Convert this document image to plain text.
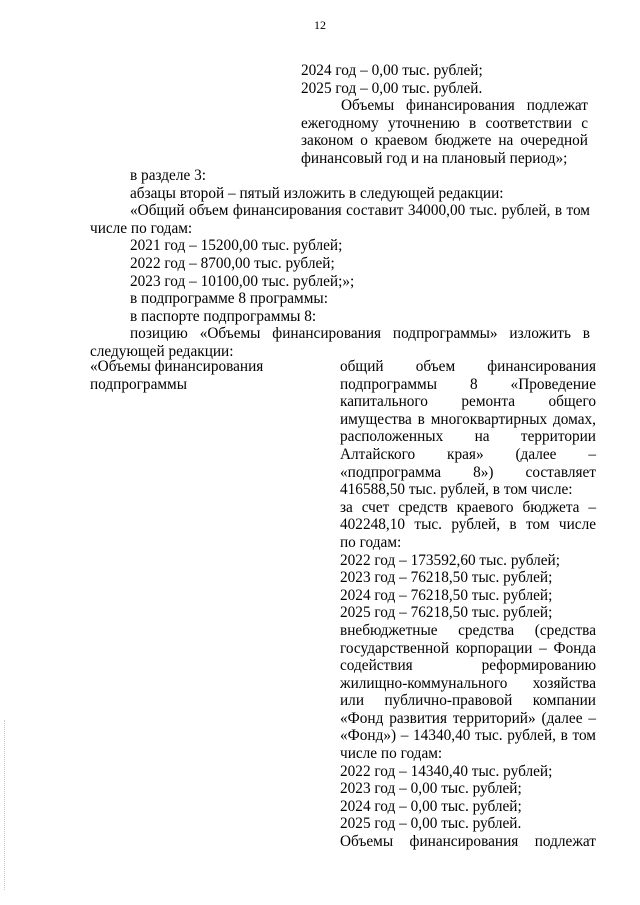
12
2024 год – 0,00 тыс. рублей;
2025 год – 0,00 тыс. рублей.
Объемы финансирования подлежат
ежегодному уточнению в соответствии с
законом о краевом бюджете на очередной
финансовый год и на плановый период»;
в разделе 3:
абзацы второй – пятый изложить в следующей редакции:
«Общий объем финансирования составит 34000,00 тыс. рублей, в том
числе по годам:
2021 год – 15200,00 тыс. рублей;
2022 год – 8700,00 тыс. рублей;
2023 год – 10100,00 тыс. рублей;»;
в подпрограмме 8 программы:
в паспорте подпрограммы 8:
позицию «Объемы финансирования подпрограммы» изложить в
следующей редакции:
«Объемы финансирования
подпрограммы
общий объем финансирования
подпрограммы 8 «Проведение
капитального ремонта общего
имущества в многоквартирных домах,
расположенных на территории
Алтайского края» (далее –
«подпрограмма 8») составляет
416588,50 тыс. рублей, в том числе:
за счет средств краевого бюджета –
402248,10 тыс. рублей, в том числе
по годам:
2022 год – 173592,60 тыс. рублей;
2023 год – 76218,50 тыс. рублей;
2024 год – 76218,50 тыс. рублей;
2025 год – 76218,50 тыс. рублей;
внебюджетные средства (средства
государственной корпорации – Фонда
содействия реформированию
жилищно-коммунального хозяйства
или публично-правовой компании
«Фонд развития территорий» (далее –
«Фонд») – 14340,40 тыс. рублей, в том
числе по годам:
2022 год – 14340,40 тыс. рублей;
2023 год – 0,00 тыс. рублей;
2024 год – 0,00 тыс. рублей;
2025 год – 0,00 тыс. рублей.
Объемы финансирования подлежат
